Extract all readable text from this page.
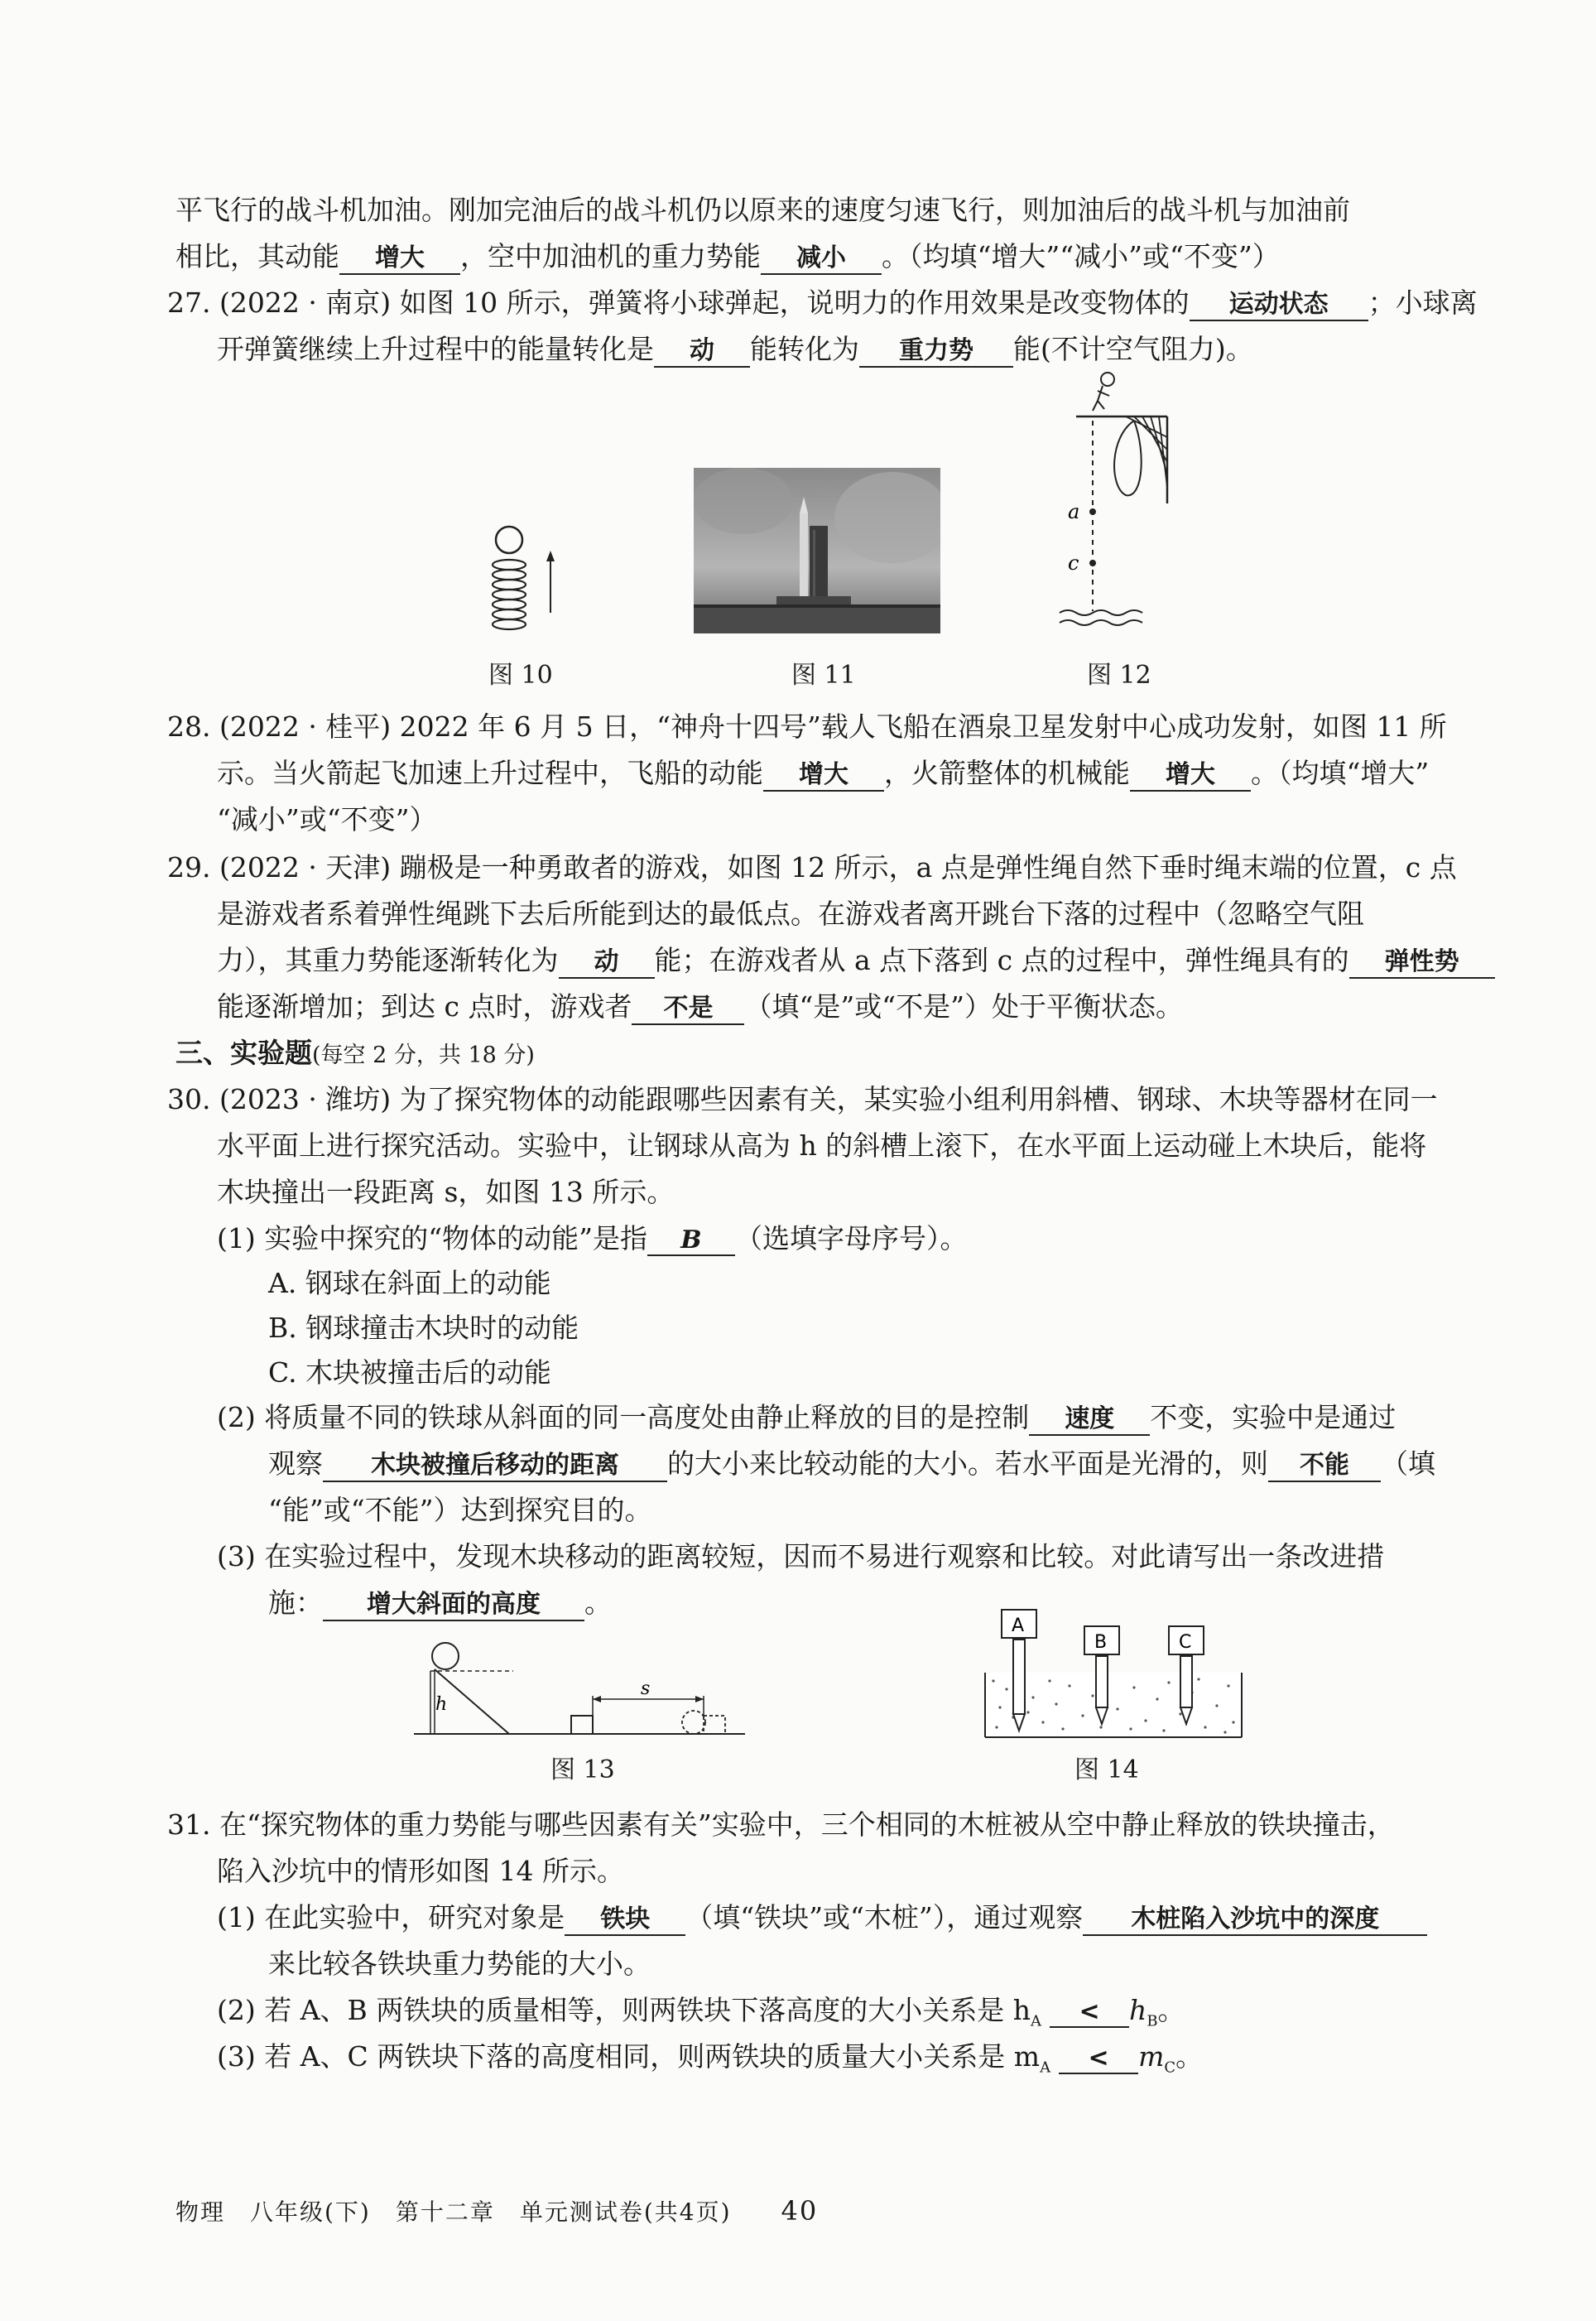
平飞行的战斗机加油。刚加完油后的战斗机仍以原来的速度匀速飞行，则加油后的战斗机与加油前
相比，其动能 增大 ，空中加油机的重力势能 减小 。（均填“增大”“减小”或“不变”）
27. (2022 · 南京) 如图 10 所示，弹簧将小球弹起，说明力的作用效果是改变物体的 运动状态 ；小球离
开弹簧继续上升过程中的能量转化是 动 能转化为 重力势 能(不计空气阻力)。
图 10	图 11
a
c
图 12
28. (2022 · 桂平) 2022 年 6 月 5 日，“神舟十四号”载人飞船在酒泉卫星发射中心成功发射，如图 11 所
示。当火箭起飞加速上升过程中，飞船的动能 增大 ，火箭整体的机械能 增大 。（均填“增大”
“减小”或“不变”）
29. (2022 · 天津) 蹦极是一种勇敢者的游戏，如图 12 所示，a 点是弹性绳自然下垂时绳末端的位置，c 点
是游戏者系着弹性绳跳下去后所能到达的最低点。在游戏者离开跳台下落的过程中（忽略空气阻
力），其重力势能逐渐转化为 动 能；在游戏者从 a 点下落到 c 点的过程中，弹性绳具有的 弹性势
能逐渐增加；到达 c 点时，游戏者 不是 （填“是”或“不是”）处于平衡状态。
三、实验题(每空 2 分，共 18 分)
30. (2023 · 潍坊) 为了探究物体的动能跟哪些因素有关，某实验小组利用斜槽、钢球、木块等器材在同一
水平面上进行探究活动。实验中，让钢球从高为 h 的斜槽上滚下，在水平面上运动碰上木块后，能将
木块撞出一段距离 s，如图 13 所示。
(1) 实验中探究的“物体的动能”是指 B （选填字母序号）。
A. 钢球在斜面上的动能
B. 钢球撞击木块时的动能
C. 木块被撞击后的动能
(2) 将质量不同的铁球从斜面的同一高度处由静止释放的目的是控制 速度 不变，实验中是通过
观察 木块被撞后移动的距离 的大小来比较动能的大小。若水平面是光滑的，则 不能 （填
“能”或“不能”）达到探究目的。
(3) 在实验过程中，发现木块移动的距离较短，因而不易进行观察和比较。对此请写出一条改进措
施： 增大斜面的高度 。
h
s
图 13
A
B	C
图 14
31. 在“探究物体的重力势能与哪些因素有关”实验中，三个相同的木桩被从空中静止释放的铁块撞击，
陷入沙坑中的情形如图 14 所示。
(1) 在此实验中，研究对象是 铁块 （填“铁块”或“木桩”），通过观察 木桩陷入沙坑中的深度
来比较各铁块重力势能的大小。
(2) 若 A、B 两铁块的质量相等，则两铁块下落高度的大小关系是 $h_A < h_B$。
(3) 若 A、C 两铁块下落的高度相同，则两铁块的质量大小关系是 $m_A < m_C$。
物理　八年级(下)　第十二章　单元测试卷(共4页)　　 40
